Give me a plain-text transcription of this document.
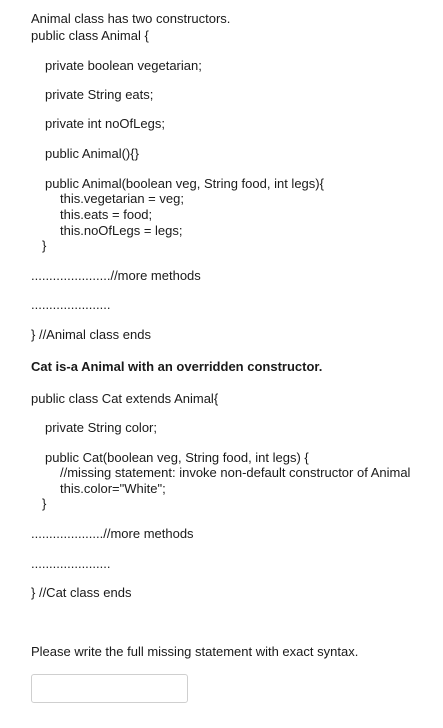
Animal class has two constructors.
public class Animal {
private boolean vegetarian;
private String eats;
private int noOfLegs;
public Animal(){}
public Animal(boolean veg, String food, int legs){
this.vegetarian = veg;
this.eats = food;
this.noOfLegs = legs;
}
......................//more methods
......................
} //Animal class ends
Cat is-a Animal with an overridden constructor.
public class Cat extends Animal{
private String color;
public Cat(boolean veg, String food, int legs) {
//missing statement: invoke non-default constructor of Animal
this.color="White";
}
....................//more methods
......................
} //Cat class ends
Please write the full missing statement with exact syntax.
